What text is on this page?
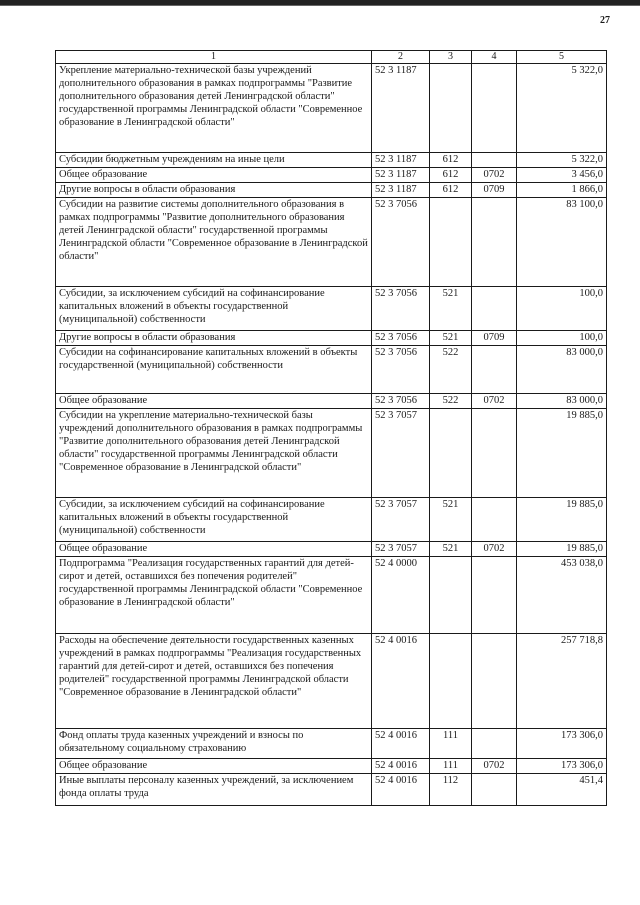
27
1	2	3	4	5
Укрепление материально-технической базы учреждений дополнительного образования в рамках подпрограммы "Развитие дополнительного образования детей Ленинградской области" государственной программы Ленинградской области "Современное образование в Ленинградской области"	52 3 1187			5 322,0
Субсидии бюджетным учреждениям на иные цели	52 3 1187	612		5 322,0
Общее образование	52 3 1187	612	0702	3 456,0
Другие вопросы в области образования	52 3 1187	612	0709	1 866,0
Субсидии на развитие системы дополнительного образования в рамках подпрограммы "Развитие дополнительного образования детей Ленинградской области" государственной программы Ленинградской области "Современное образование в Ленинградской области"	52 3 7056			83 100,0
Субсидии, за исключением субсидий на софинансирование капитальных вложений в объекты государственной (муниципальной) собственности	52 3 7056	521		100,0
Другие вопросы в области образования	52 3 7056	521	0709	100,0
Субсидии на софинансирование капитальных вложений в объекты государственной (муниципальной) собственности	52 3 7056	522		83 000,0
Общее образование	52 3 7056	522	0702	83 000,0
Субсидии на укрепление материально-технической базы учреждений дополнительного образования в рамках подпрограммы "Развитие дополнительного образования детей Ленинградской области" государственной программы Ленинградской области "Современное образование в Ленинградской области"	52 3 7057			19 885,0
Субсидии, за исключением субсидий на софинансирование капитальных вложений в объекты государственной (муниципальной) собственности	52 3 7057	521		19 885,0
Общее образование	52 3 7057	521	0702	19 885,0
Подпрограмма "Реализация государственных гарантий для детей-сирот и детей, оставшихся без попечения родителей" государственной программы Ленинградской области "Современное образование в Ленинградской области"	52 4 0000			453 038,0
Расходы на обеспечение деятельности государственных казенных учреждений в рамках подпрограммы "Реализация государственных гарантий для детей-сирот и детей, оставшихся без попечения родителей" государственной программы Ленинградской области "Современное образование в Ленинградской области"	52 4 0016			257 718,8
Фонд оплаты труда казенных учреждений и взносы по обязательному социальному страхованию	52 4 0016	111		173 306,0
Общее образование	52 4 0016	111	0702	173 306,0
Иные выплаты персоналу казенных учреждений, за исключением фонда оплаты труда	52 4 0016	112		451,4
